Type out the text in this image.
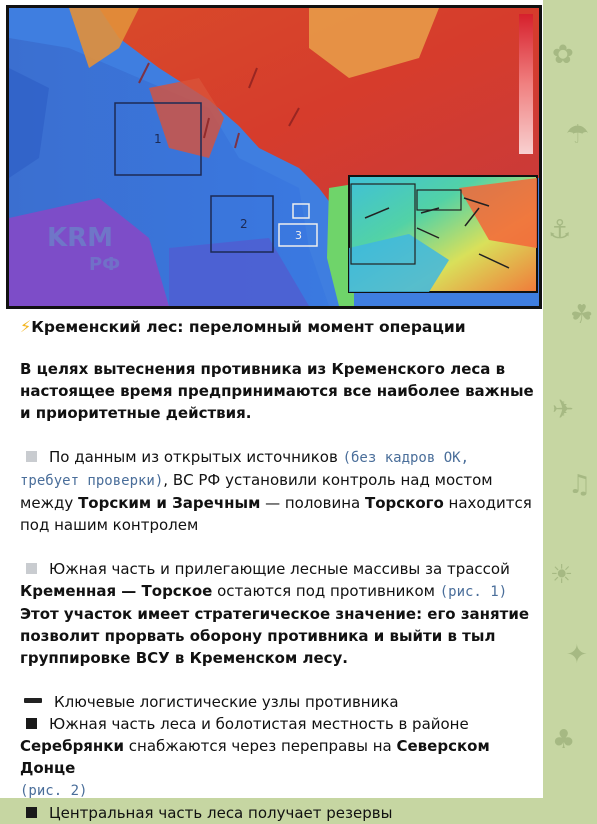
✿
☂
⚓
☘
✈
♫
☀
✦
♣
1
2
3
KRM
РФ

⚡Кременский лес: переломный момент операции

В целях вытеснения противника из Кременского леса в настоящее время предпринимаются все наиболее важные и приоритетные действия.

По данным из открытых источников (без кадров ОК, требует проверки), ВС РФ установили контроль над мостом между Торским и Заречным — половина Торского находится под нашим контролем

Южная часть и прилегающие лесные массивы за трассой Кременная — Торское остаются под противником (рис. 1)
Этот участок имеет стратегическое значение: его занятие позволит прорвать оборону противника и выйти в тыл группировке ВСУ в Кременском лесу.

Ключевые логистические узлы противника

Южная часть леса и болотистая местность в районе Серебрянки снабжаются через переправы на Северском Донце
(рис. 2)

Центральная часть леса получает резервы
